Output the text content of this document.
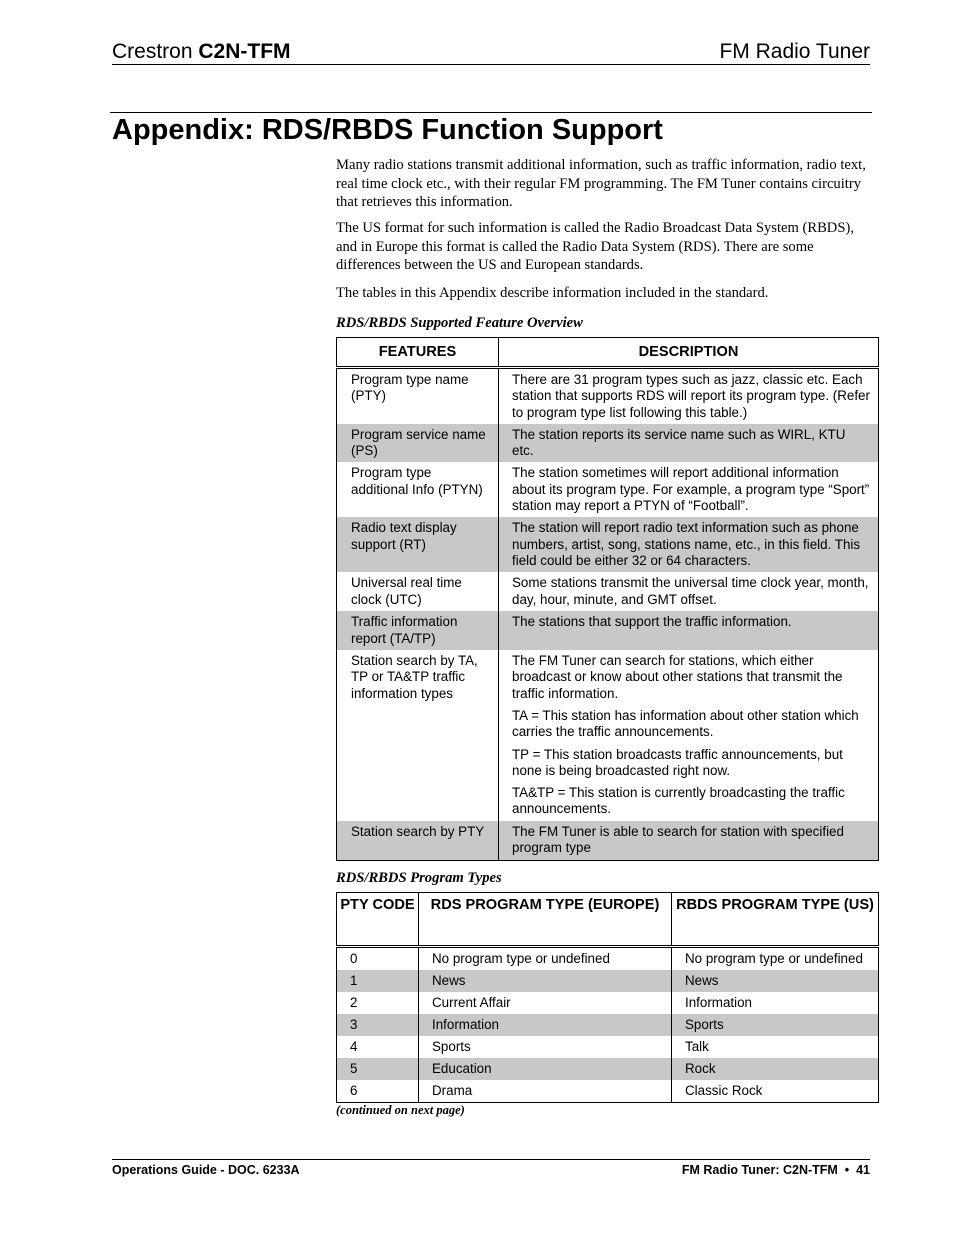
Crestron C2N-TFM	FM Radio Tuner
Appendix: RDS/RBDS Function Support
Many radio stations transmit additional information, such as traffic information, radio text, real time clock etc., with their regular FM programming. The FM Tuner contains circuitry that retrieves this information.
The US format for such information is called the Radio Broadcast Data System (RBDS), and in Europe this format is called the Radio Data System (RDS). There are some differences between the US and European standards.
The tables in this Appendix describe information included in the standard.
RDS/RBDS Supported Feature Overview
FEATURES	DESCRIPTION
Program type name (PTY)	There are 31 program types such as jazz, classic etc. Each station that supports RDS will report its program type. (Refer to program type list following this table.)

Program service name (PS)	The station reports its service name such as WIRL, KTU etc.

Program type additional Info (PTYN)	The station sometimes will report additional information about its program type. For example, a program type “Sport” station may report a PTYN of “Football”.

Radio text display support (RT)	The station will report radio text information such as phone numbers, artist, song, stations name, etc., in this field. This field could be either 32 or 64 characters.

Universal real time clock (UTC)	Some stations transmit the universal time clock year, month, day, hour, minute, and GMT offset.

Traffic information report (TA/TP)	The stations that support the traffic information.

Station search by TA, TP or TA&TP traffic information types	The FM Tuner can search for stations, which either broadcast or know about other stations that transmit the traffic information.

TA = This station has information about other station which carries the traffic announcements.

TP = This station broadcasts traffic announcements, but none is being broadcasted right now.

TA&TP = This station is currently broadcasting the traffic announcements.

Station search by PTY	The FM Tuner is able to search for station with specified program type

RDS/RBDS Program Types
PTY CODE	RDS PROGRAM TYPE (EUROPE)	RBDS PROGRAM TYPE (US)
0	No program type or undefined	No program type or undefined
1	News	News
2	Current Affair	Information
3	Information	Sports
4	Sports	Talk
5	Education	Rock
6	Drama	Classic Rock
(continued on next page)
Operations Guide - DOC. 6233A	FM Radio Tuner: C2N-TFM  •  41
